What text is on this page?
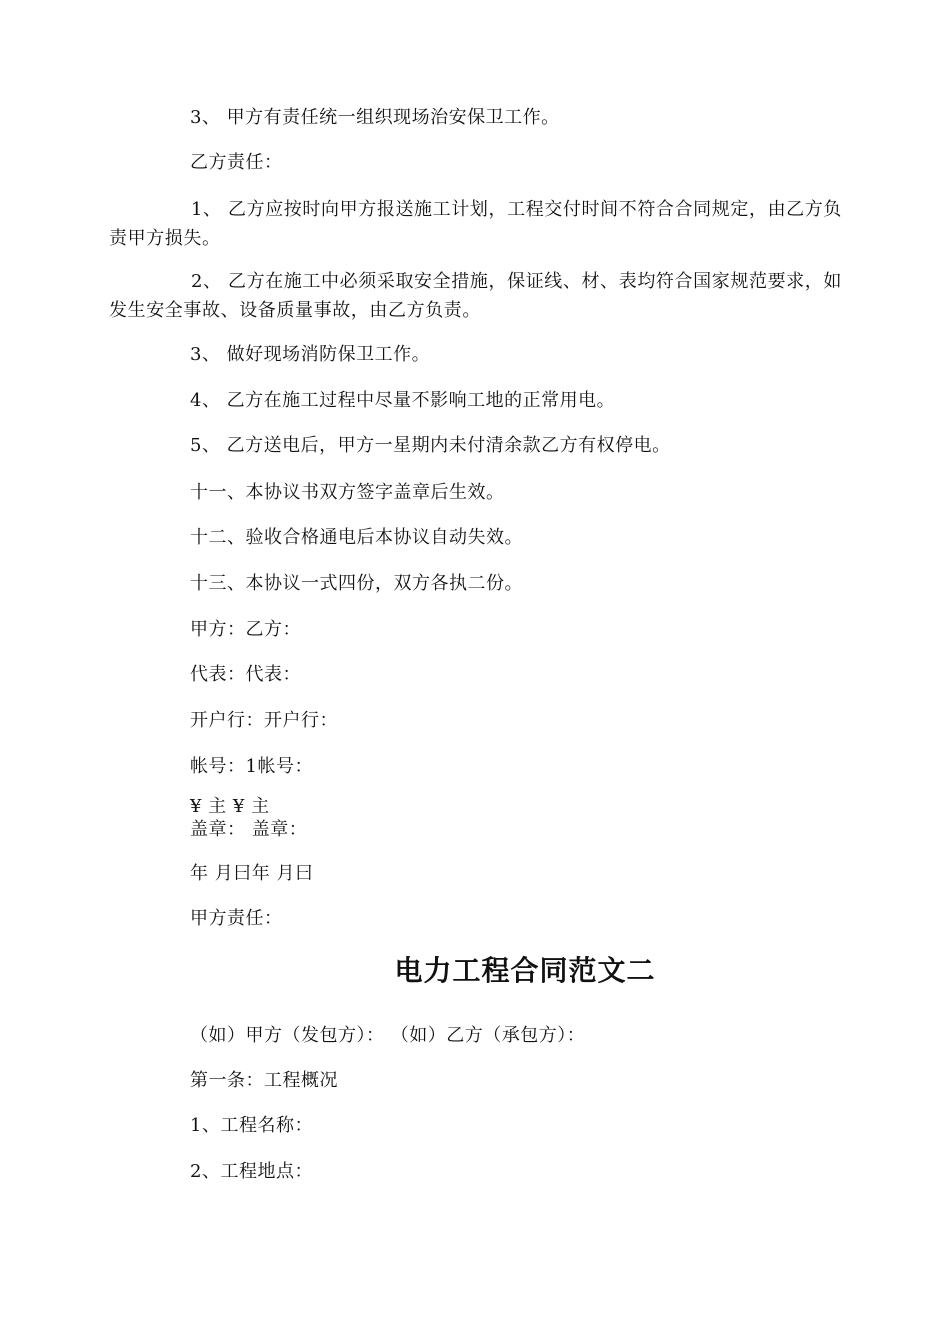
3、 甲方有责任统一组织现场治安保卫工作。
乙方责任：
1、 乙方应按时向甲方报送施工计划，工程交付时间不符合合同规定，由乙方负责甲方损失。
2、 乙方在施工中必须采取安全措施，保证线、材、表均符合国家规范要求，如发生安全事故、设备质量事故，由乙方负责。
3、 做好现场消防保卫工作。
4、 乙方在施工过程中尽量不影响工地的正常用电。
5、 乙方送电后，甲方一星期内未付清余款乙方有权停电。
十一、本协议书双方签字盖章后生效。
十二、验收合格通电后本协议自动失效。
十三、本协议一式四份，双方各执二份。
甲方：乙方：
代表：代表：
开户行：开户行：
帐号：1帐号：
¥ 主 ¥ 主
盖章： 盖章：
年 月曰年 月曰
甲方责任：
电力工程合同范文二
（如）甲方（发包方）： （如）乙方（承包方）：
第一条：工程概况
1、工程名称：
2、工程地点：
